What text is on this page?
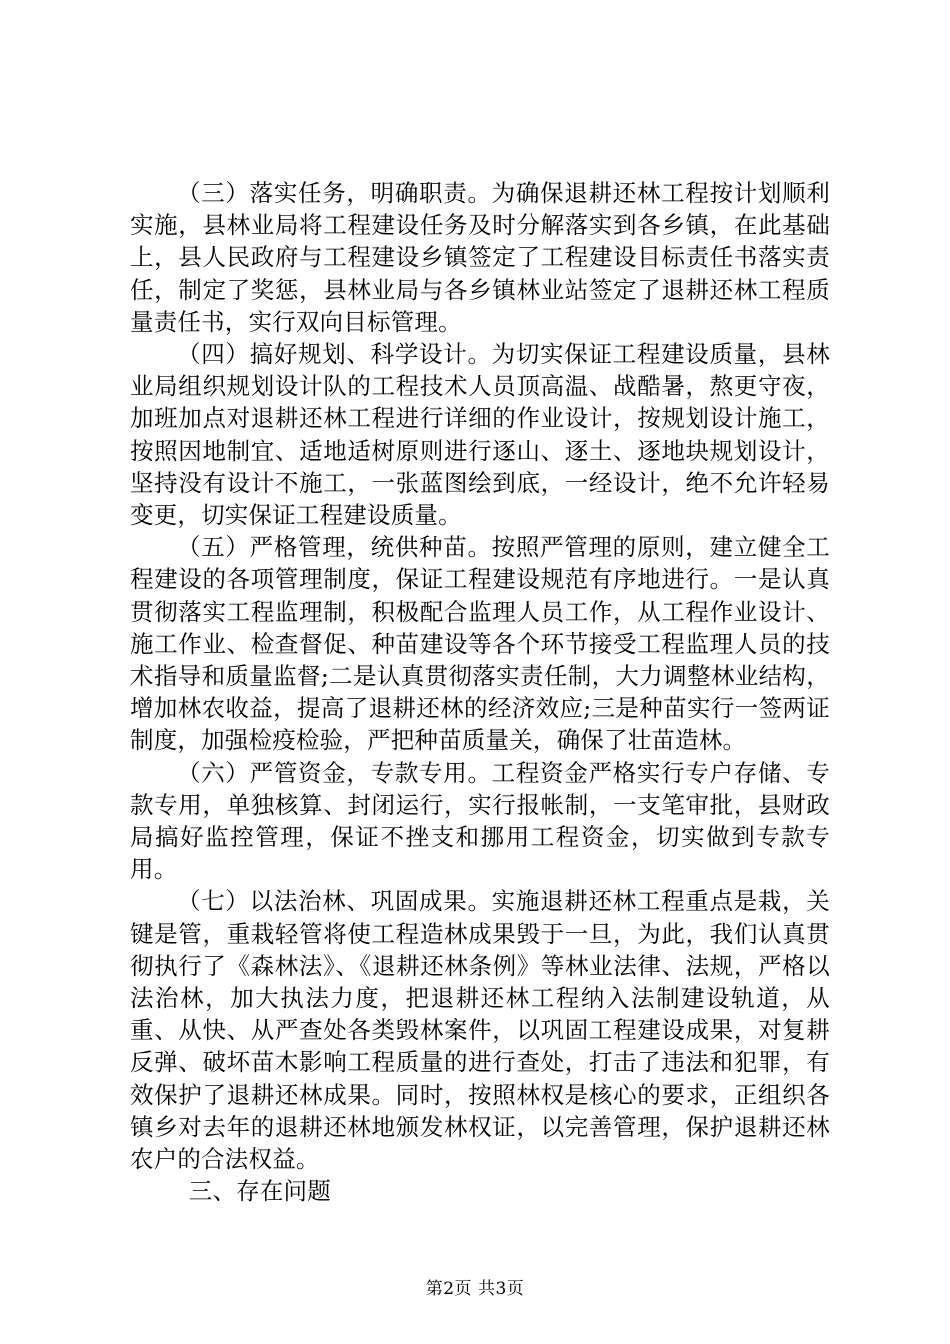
（三）落实任务，明确职责。为确保退耕还林工程按计划顺利实施，县林业局将工程建设任务及时分解落实到各乡镇，在此基础上，县人民政府与工程建设乡镇签定了工程建设目标责任书落实责任，制定了奖惩，县林业局与各乡镇林业站签定了退耕还林工程质量责任书，实行双向目标管理。

（四）搞好规划、科学设计。为切实保证工程建设质量，县林业局组织规划设计队的工程技术人员顶高温、战酷暑，熬更守夜，加班加点对退耕还林工程进行详细的作业设计，按规划设计施工，按照因地制宜、适地适树原则进行逐山、逐土、逐地块规划设计，坚持没有设计不施工，一张蓝图绘到底，一经设计，绝不允许轻易变更，切实保证工程建设质量。

（五）严格管理，统供种苗。按照严管理的原则，建立健全工程建设的各项管理制度，保证工程建设规范有序地进行。一是认真贯彻落实工程监理制，积极配合监理人员工作，从工程作业设计、施工作业、检查督促、种苗建设等各个环节接受工程监理人员的技术指导和质量监督;二是认真贯彻落实责任制，大力调整林业结构，增加林农收益，提高了退耕还林的经济效应;三是种苗实行一签两证制度，加强检疫检验，严把种苗质量关，确保了壮苗造林。

（六）严管资金，专款专用。工程资金严格实行专户存储、专款专用，单独核算、封闭运行，实行报帐制，一支笔审批，县财政局搞好监控管理，保证不挫支和挪用工程资金，切实做到专款专用。

（七）以法治林、巩固成果。实施退耕还林工程重点是栽，关键是管，重栽轻管将使工程造林成果毁于一旦，为此，我们认真贯彻执行了《森林法》、《退耕还林条例》等林业法律、法规，严格以法治林，加大执法力度，把退耕还林工程纳入法制建设轨道，从重、从快、从严查处各类毁林案件，以巩固工程建设成果，对复耕反弹、破坏苗木影响工程质量的进行查处，打击了违法和犯罪，有效保护了退耕还林成果。同时，按照林权是核心的要求，正组织各镇乡对去年的退耕还林地颁发林权证，以完善管理，保护退耕还林农户的合法权益。

三、存在问题

第2页 共3页
